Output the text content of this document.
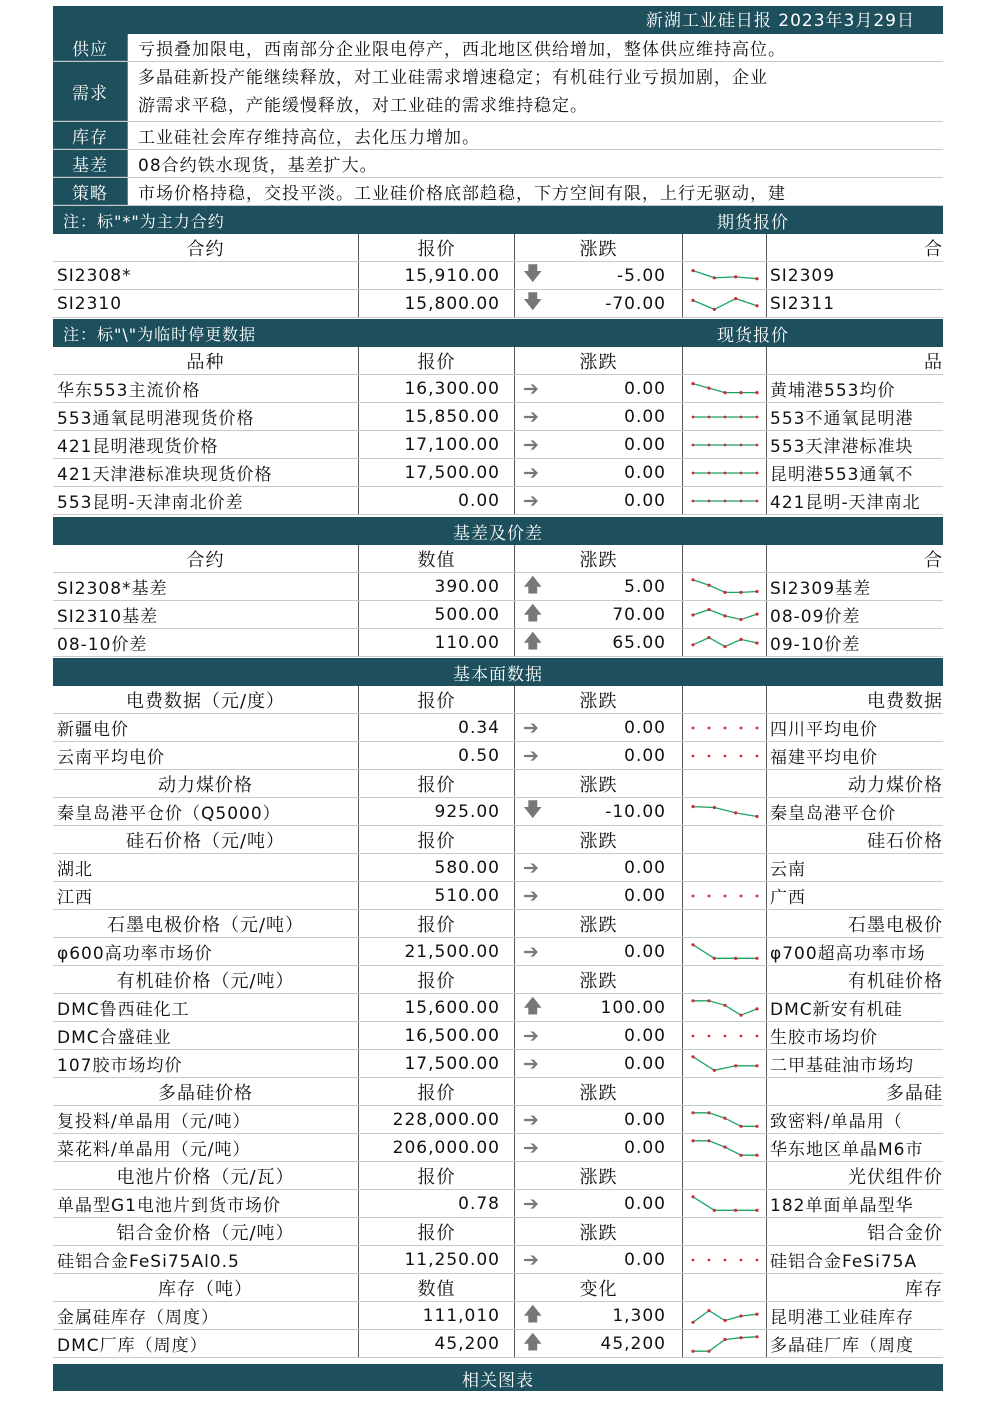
新湖工业硅日报 2023年3月29日
供应	亏损叠加限电，西南部分企业限电停产，西北地区供给增加，整体供应维持高位。
需求
多晶硅新投产能继续释放，对工业硅需求增速稳定；有机硅行业亏损加剧，企业
游需求平稳，产能缓慢释放，对工业硅的需求维持稳定。
库存	工业硅社会库存维持高位，去化压力增加。
基差	08合约铁水现货，基差扩大。
策略	市场价格持稳，交投平淡。工业硅价格底部趋稳，下方空间有限，上行无驱动，建
注：标"*"为主力合约	期货报价
合约	报价	涨跌	合
SI2308*	15,910.00	🡇	-5.00	SI2309
SI2310	15,800.00	🡇	-70.00	SI2311
注：标"\"为临时停更数据	现货报价
品种	报价	涨跌	品
华东553主流价格	16,300.00	➔	0.00	黄埔港553均价
553通氧昆明港现货价格	15,850.00	➔	0.00	553不通氧昆明港
421昆明港现货价格	17,100.00	➔	0.00	553天津港标准块
421天津港标准块现货价格	17,500.00	➔	0.00	昆明港553通氧不
553昆明-天津南北价差	0.00	➔	0.00	421昆明-天津南北
基差及价差
合约	数值	涨跌	合
SI2308*基差	390.00	🡅	5.00	SI2309基差
SI2310基差	500.00	🡅	70.00	08-09价差
08-10价差	110.00	🡅	65.00	09-10价差
基本面数据
电费数据（元/度）	报价	涨跌	电费数据
新疆电价	0.34	➔	0.00	四川平均电价
云南平均电价	0.50	➔	0.00	福建平均电价
动力煤价格	报价	涨跌	动力煤价格
秦皇岛港平仓价（Q5000）	925.00	🡇	-10.00	秦皇岛港平仓价
硅石价格（元/吨）	报价	涨跌	硅石价格
湖北	580.00	➔	0.00	云南
江西	510.00	➔	0.00	广西
石墨电极价格（元/吨）	报价	涨跌	石墨电极价
φ600高功率市场价	21,500.00	➔	0.00	φ700超高功率市场
有机硅价格（元/吨）	报价	涨跌	有机硅价格
DMC鲁西硅化工	15,600.00	🡅	100.00	DMC新安有机硅
DMC合盛硅业	16,500.00	➔	0.00	生胶市场均价
107胶市场均价	17,500.00	➔	0.00	二甲基硅油市场均
多晶硅价格	报价	涨跌	多晶硅
复投料/单晶用（元/吨）	228,000.00	➔	0.00	致密料/单晶用（
菜花料/单晶用（元/吨）	206,000.00	➔	0.00	华东地区单晶M6市
电池片价格（元/瓦）	报价	涨跌	光伏组件价
单晶型G1电池片到货市场价	0.78	➔	0.00	182单面单晶型华
铝合金价格（元/吨）	报价	涨跌	铝合金价
硅铝合金FeSi75Al0.5	11,250.00	➔	0.00	硅铝合金FeSi75A
库存（吨）	数值	变化	库存
金属硅库存（周度）	111,010	🡅	1,300	昆明港工业硅库存
DMC厂库（周度）	45,200	🡅	45,200	多晶硅厂库（周度
相关图表
